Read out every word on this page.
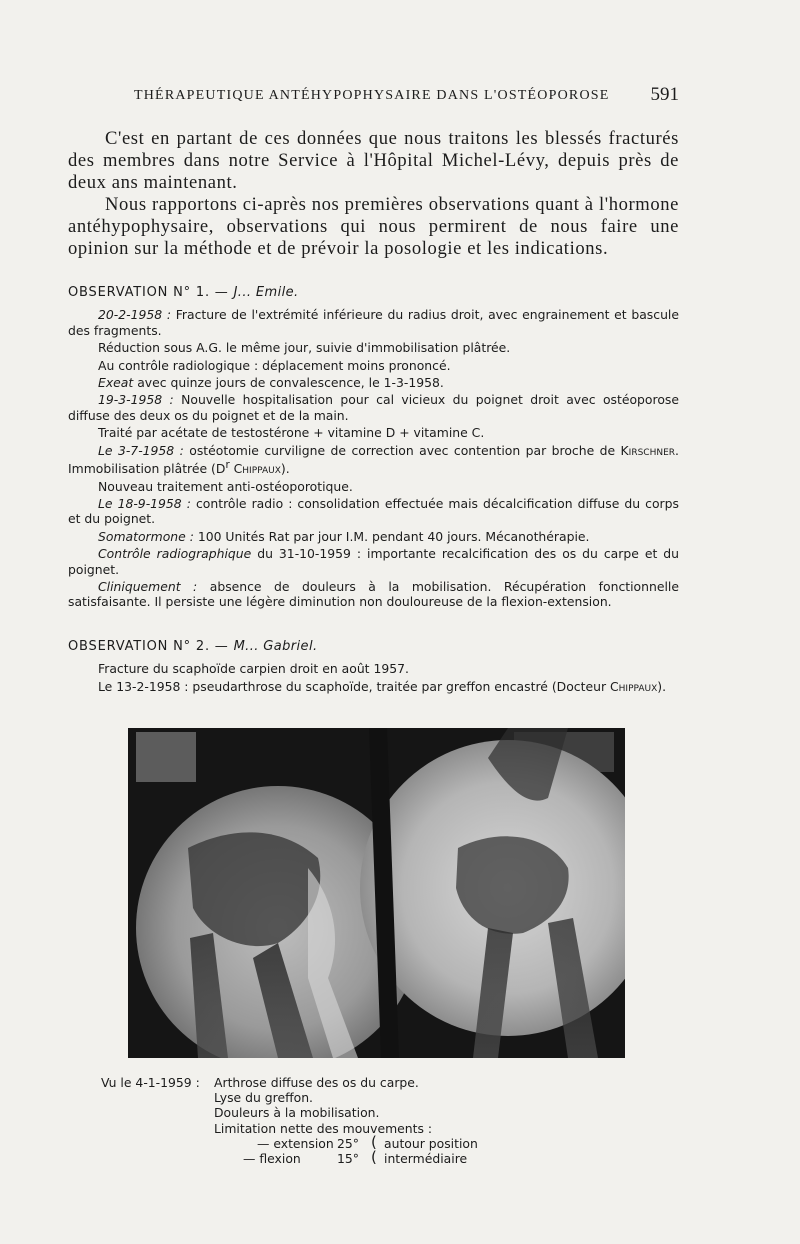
THÉRAPEUTIQUE ANTÉHYPOPHYSAIRE DANS L'OSTÉOPOROSE 591

C'est en partant de ces données que nous traitons les blessés fracturés des membres dans notre Service à l'Hôpital Michel-Lévy, depuis près de deux ans maintenant.

Nous rapportons ci-après nos premières observations quant à l'hormone antéhypophysaire, observations qui nous permirent de nous faire une opinion sur la méthode et de prévoir la posologie et les indications.

OBSERVATION N° 1. — J... Emile.

20-2-1958 : Fracture de l'extrémité inférieure du radius droit, avec engrainement et bascule des fragments.

Réduction sous A.G. le même jour, suivie d'immobilisation plâtrée.

Au contrôle radiologique : déplacement moins prononcé.

Exeat avec quinze jours de convalescence, le 1-3-1958.

19-3-1958 : Nouvelle hospitalisation pour cal vicieux du poignet droit avec ostéoporose diffuse des deux os du poignet et de la main.

Traité par acétate de testostérone + vitamine D + vitamine C.

Le 3-7-1958 : ostéotomie curviligne de correction avec contention par broche de Kirschner. Immobilisation plâtrée ($D^r$ Chippaux).

Nouveau traitement anti-ostéoporotique.

Le 18-9-1958 : contrôle radio : consolidation effectuée mais décalcification diffuse du corps et du poignet.

Somatormone : 100 Unités Rat par jour I.M. pendant 40 jours. Mécanothérapie.

Contrôle radiographique du 31-10-1959 : importante recalcification des os du carpe et du poignet.

Cliniquement : absence de douleurs à la mobilisation. Récupération fonctionnelle satisfaisante. Il persiste une légère diminution non douloureuse de la flexion-extension.

OBSERVATION N° 2. — M... Gabriel.

Fracture du scaphoïde carpien droit en août 1957.

Le 13-2-1958 : pseudarthrose du scaphoïde, traitée par greffon encastré (Docteur Chippaux).

Vu le 4-1-1959 : Arthrose diffuse des os du carpe.
Lyse du greffon.
Douleurs à la mobilisation.
Limitation nette des mouvements :
— extension 25° ( autour position
— flexion	15° ( intermédiaire
